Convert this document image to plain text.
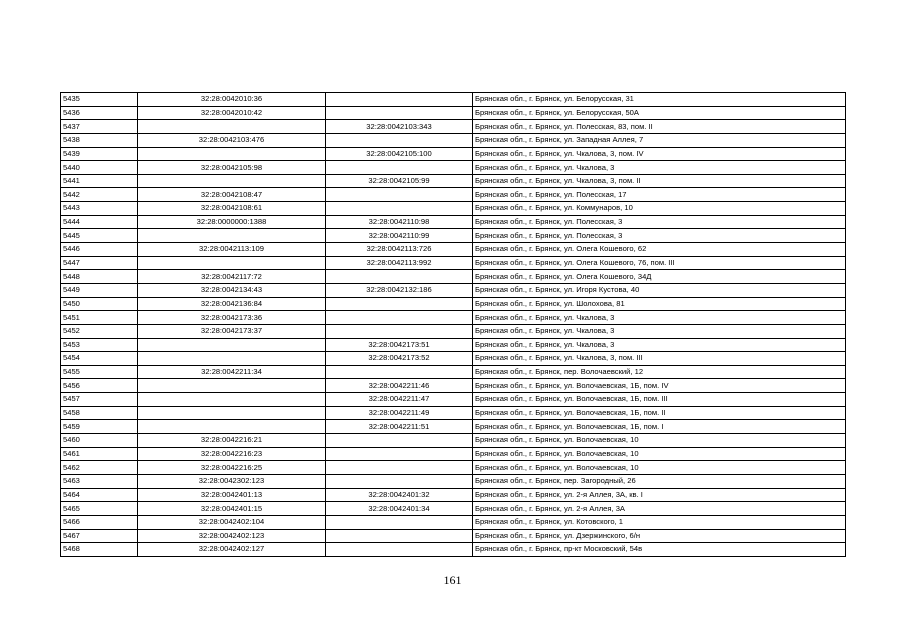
5435	32:28:0042010:36		Брянская обл., г. Брянск, ул. Белорусская, 31
5436	32:28:0042010:42		Брянская обл., г. Брянск, ул. Белорусская, 50А
5437		32:28:0042103:343	Брянская обл., г. Брянск, ул. Полесская, 83, пом. II
5438	32:28:0042103:476		Брянская обл., г. Брянск, ул. Западная Аллея, 7
5439		32:28:0042105:100	Брянская обл., г. Брянск, ул. Чкалова, 3, пом. IV
5440	32:28:0042105:98		Брянская обл., г. Брянск, ул. Чкалова, 3
5441		32:28:0042105:99	Брянская обл., г. Брянск, ул. Чкалова, 3, пом. II
5442	32:28:0042108:47		Брянская обл., г. Брянск, ул. Полесская, 17
5443	32:28:0042108:61		Брянская обл., г. Брянск, ул. Коммунаров, 10
5444	32:28:0000000:1388	32:28:0042110:98	Брянская обл., г. Брянск, ул. Полесская, 3
5445		32:28:0042110:99	Брянская обл., г. Брянск, ул. Полесская, 3
5446	32:28:0042113:109	32:28:0042113:726	Брянская обл., г. Брянск, ул. Олега Кошевого, 62
5447		32:28:0042113:992	Брянская обл., г. Брянск, ул. Олега Кошевого, 76, пом. III
5448	32:28:0042117:72		Брянская обл., г. Брянск, ул. Олега Кошевого, 34Д
5449	32:28:0042134:43	32:28:0042132:186	Брянская обл., г. Брянск, ул. Игоря Кустова, 40
5450	32:28:0042136:84		Брянская обл., г. Брянск, ул. Шолохова, 81
5451	32:28:0042173:36		Брянская обл., г. Брянск, ул. Чкалова, 3
5452	32:28:0042173:37		Брянская обл., г. Брянск, ул. Чкалова, 3
5453		32:28:0042173:51	Брянская обл., г. Брянск, ул. Чкалова, 3
5454		32:28:0042173:52	Брянская обл., г. Брянск, ул. Чкалова, 3, пом. III
5455	32:28:0042211:34		Брянская обл., г. Брянск, пер. Волочаевский, 12
5456		32:28:0042211:46	Брянская обл., г. Брянск, ул. Волочаевская, 1Б, пом. IV
5457		32:28:0042211:47	Брянская обл., г. Брянск, ул. Волочаевская, 1Б, пом. III
5458		32:28:0042211:49	Брянская обл., г. Брянск, ул. Волочаевская, 1Б, пом. II
5459		32:28:0042211:51	Брянская обл., г. Брянск, ул. Волочаевская, 1Б, пом. I
5460	32:28:0042216:21		Брянская обл., г. Брянск, ул. Волочаевская, 10
5461	32:28:0042216:23		Брянская обл., г. Брянск, ул. Волочаевская, 10
5462	32:28:0042216:25		Брянская обл., г. Брянск, ул. Волочаевская, 10
5463	32:28:0042302:123		Брянская обл., г. Брянск, пер. Загородный, 26
5464	32:28:0042401:13	32:28:0042401:32	Брянская обл., г. Брянск, ул. 2-я Аллея, 3А, кв. I
5465	32:28:0042401:15	32:28:0042401:34	Брянская обл., г. Брянск, ул. 2-я Аллея, 3А
5466	32:28:0042402:104		Брянская обл., г. Брянск, ул. Котовского, 1
5467	32:28:0042402:123		Брянская обл., г. Брянск, ул. Дзержинского, 6/н
5468	32:28:0042402:127		Брянская обл., г. Брянск, пр-кт Московский, 54в
161
